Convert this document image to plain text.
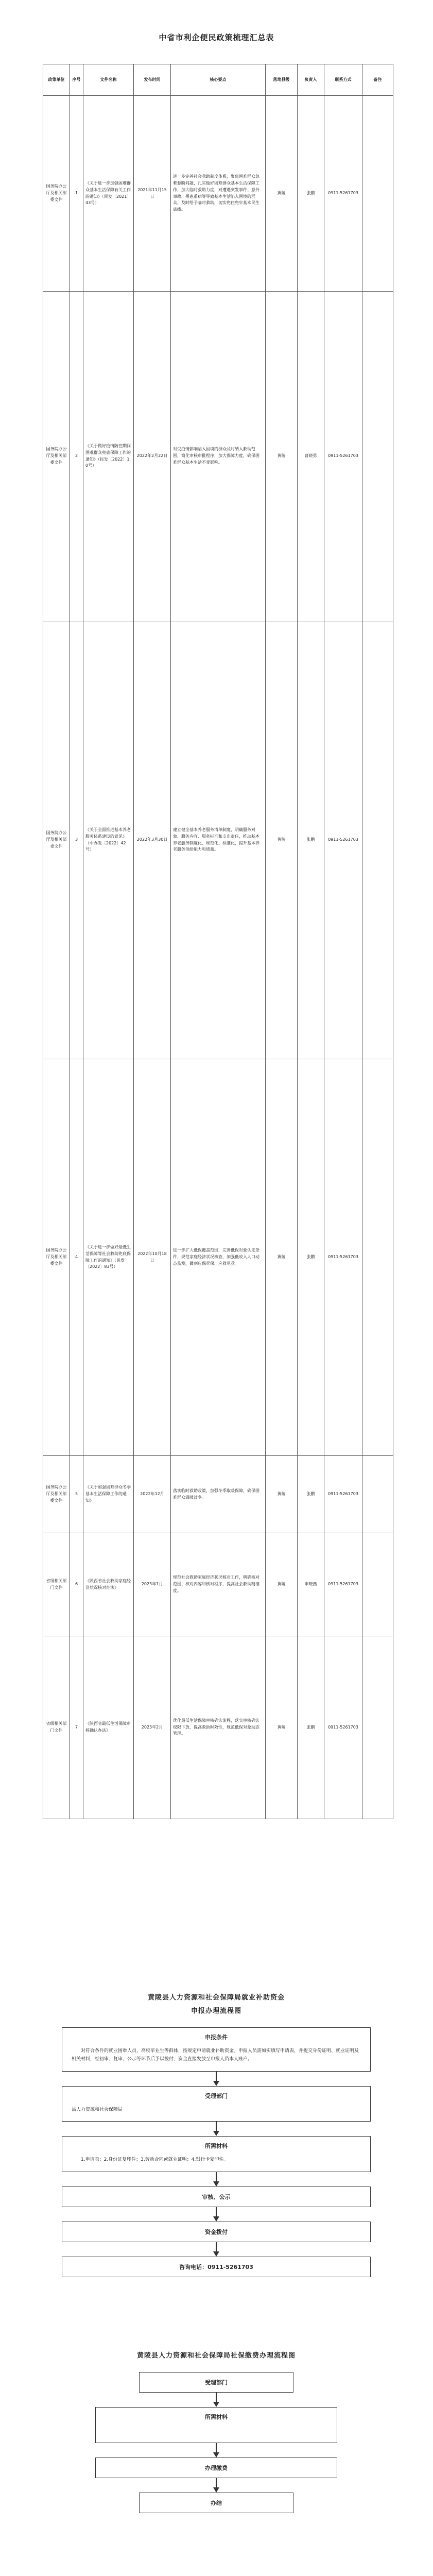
中省市利企便民政策梳理汇总表
政策单位	序号	文件名称	发布时间	核心要点	落地县级	负责人	联系方式	备注
国务院办公厅及相关部委文件	1	《关于进一步加强困难群众基本生活保障有关工作的通知》（民发〔2021〕43号）	2021年11月15日	进一步完善社会救助制度体系，聚焦困难群众急难愁盼问题，扎实做好困难群众基本生活保障工作，加大临时救助力度，对遭遇突发事件、意外事故、罹患重病等导致基本生活陷入困境的群众，及时给予临时救助，切实兜住兜牢基本民生底线。	黄陵	张鹏	0911-5261703	
国务院办公厅及相关部委文件	2	《关于做好疫情防控期间困难群众兜底保障工作的通知》（民发〔2022〕10号）	2022年2月22日	对受疫情影响陷入困境的群众及时纳入救助范围，简化审核审批程序，加大保障力度，确保困难群众基本生活不受影响。	黄陵	曹晓勇	0911-5261703	
国务院办公厅及相关部委文件	3	《关于全面推进基本养老服务体系建设的意见》（中办发〔2022〕42号）	2022年3月30日	建立健全基本养老服务清单制度，明确服务对象、服务内容、服务标准和支出责任，推动基本养老服务制度化、规范化、标准化，提升基本养老服务供给能力和质量。	黄陵	张鹏	0911-5261703	
国务院办公厅及相关部委文件	4	《关于进一步做好最低生活保障等社会救助兜底保障工作的通知》（民发〔2022〕83号）	2022年10月18日	进一步扩大低保覆盖范围，完善低保对象认定条件，规范家庭经济状况核查，加强低收入人口动态监测，做到应保尽保、应救尽救。	黄陵	张鹏	0911-5261703	
国务院办公厅及相关部委文件	5	《关于加强困难群众冬季基本生活保障工作的通知》	2022年12月	落实临时救助政策，加强冬季取暖保障，确保困难群众温暖过冬。	黄陵	张鹏	0911-5261703	
省级相关部门文件	6	《陕西省社会救助家庭经济状况核对办法》	2023年1月	规范社会救助家庭经济状况核对工作，明确核对范围、核对内容和核对程序，提高社会救助精准度。	黄陵	申晓燕	0911-5261703	
省级相关部门文件	7	《陕西省最低生活保障审核确认办法》	2023年2月	优化最低生活保障审核确认流程，落实审核确认权限下放，提高救助时效性，规范低保对象动态管理。	黄陵	张鹏	0911-5261703	
黄陵县人力资源和社会保障局就业补助资金
申报办理流程图
申报条件
对符合条件的就业困难人员、高校毕业生等群体，按规定申请就业补助资金。申报人员需如实填写申请表，并提交身份证明、就业证明及相关材料，经初审、复审、公示等环节后予以拨付，资金直接发放至申报人员本人账户。
受理部门
县人力资源和社会保障局
所需材料
1.申请表；2.身份证复印件；3.劳动合同或就业证明；4.银行卡复印件。
审核、公示
资金拨付
咨询电话：0911-5261703
黄陵县人力资源和社会保障局社保缴费办理流程图
受理部门
所需材料
办理缴费
办结
